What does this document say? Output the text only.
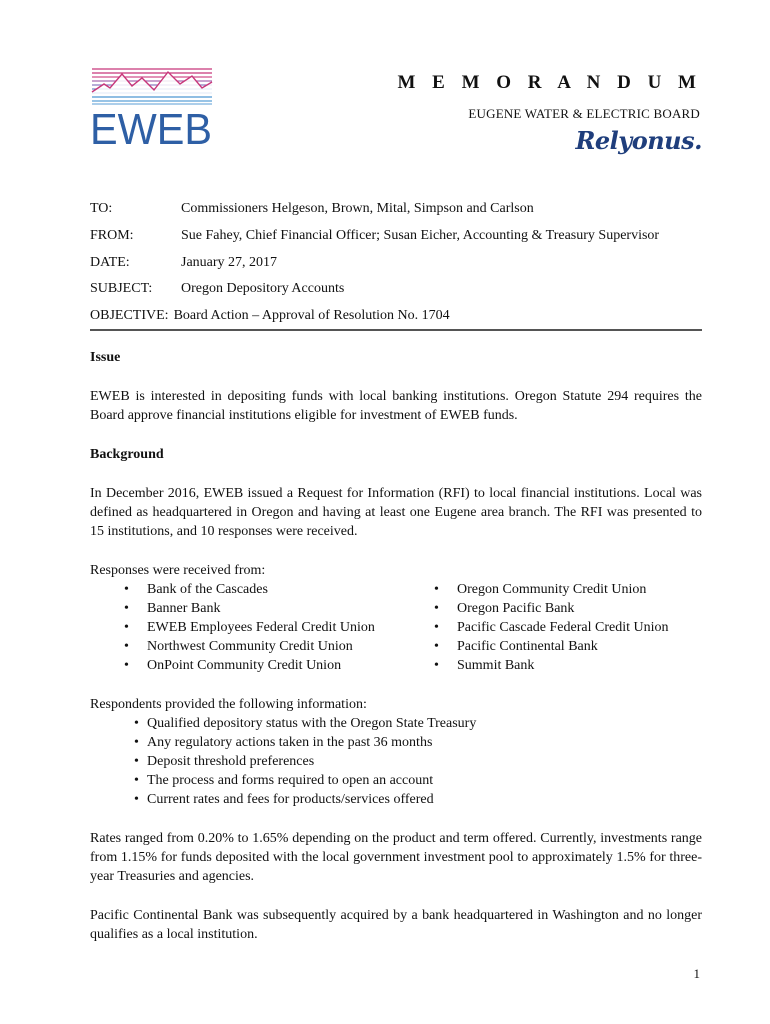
EWEB
M E M O R A N D U M
EUGENE WATER & ELECTRIC BOARD
Relyonus.
TO:	Commissioners Helgeson, Brown, Mital, Simpson and Carlson
FROM:	Sue Fahey, Chief Financial Officer; Susan Eicher, Accounting & Treasury Supervisor
DATE:	January 27, 2017
SUBJECT:	Oregon Depository Accounts
OBJECTIVE: Board Action – Approval of Resolution No. 1704
Issue

EWEB is interested in depositing funds with local banking institutions. Oregon Statute 294 requires the Board approve financial institutions eligible for investment of EWEB funds.

Background

In December 2016, EWEB issued a Request for Information (RFI) to local financial institutions. Local was defined as headquartered in Oregon and having at least one Eugene area branch. The RFI was presented to 15 institutions, and 10 responses were received.

Responses were received from:
• Bank of the Cascades
• Banner Bank
• EWEB Employees Federal Credit Union
• Northwest Community Credit Union
• OnPoint Community Credit Union
• Oregon Community Credit Union
• Oregon Pacific Bank
• Pacific Cascade Federal Credit Union
• Pacific Continental Bank
• Summit Bank
Respondents provided the following information:
• Qualified depository status with the Oregon State Treasury
• Any regulatory actions taken in the past 36 months
• Deposit threshold preferences
• The process and forms required to open an account
• Current rates and fees for products/services offered

Rates ranged from 0.20% to 1.65% depending on the product and term offered. Currently, investments range from 1.15% for funds deposited with the local government investment pool to approximately 1.5% for three-year Treasuries and agencies.

Pacific Continental Bank was subsequently acquired by a bank headquartered in Washington and no longer qualifies as a local institution.

1
